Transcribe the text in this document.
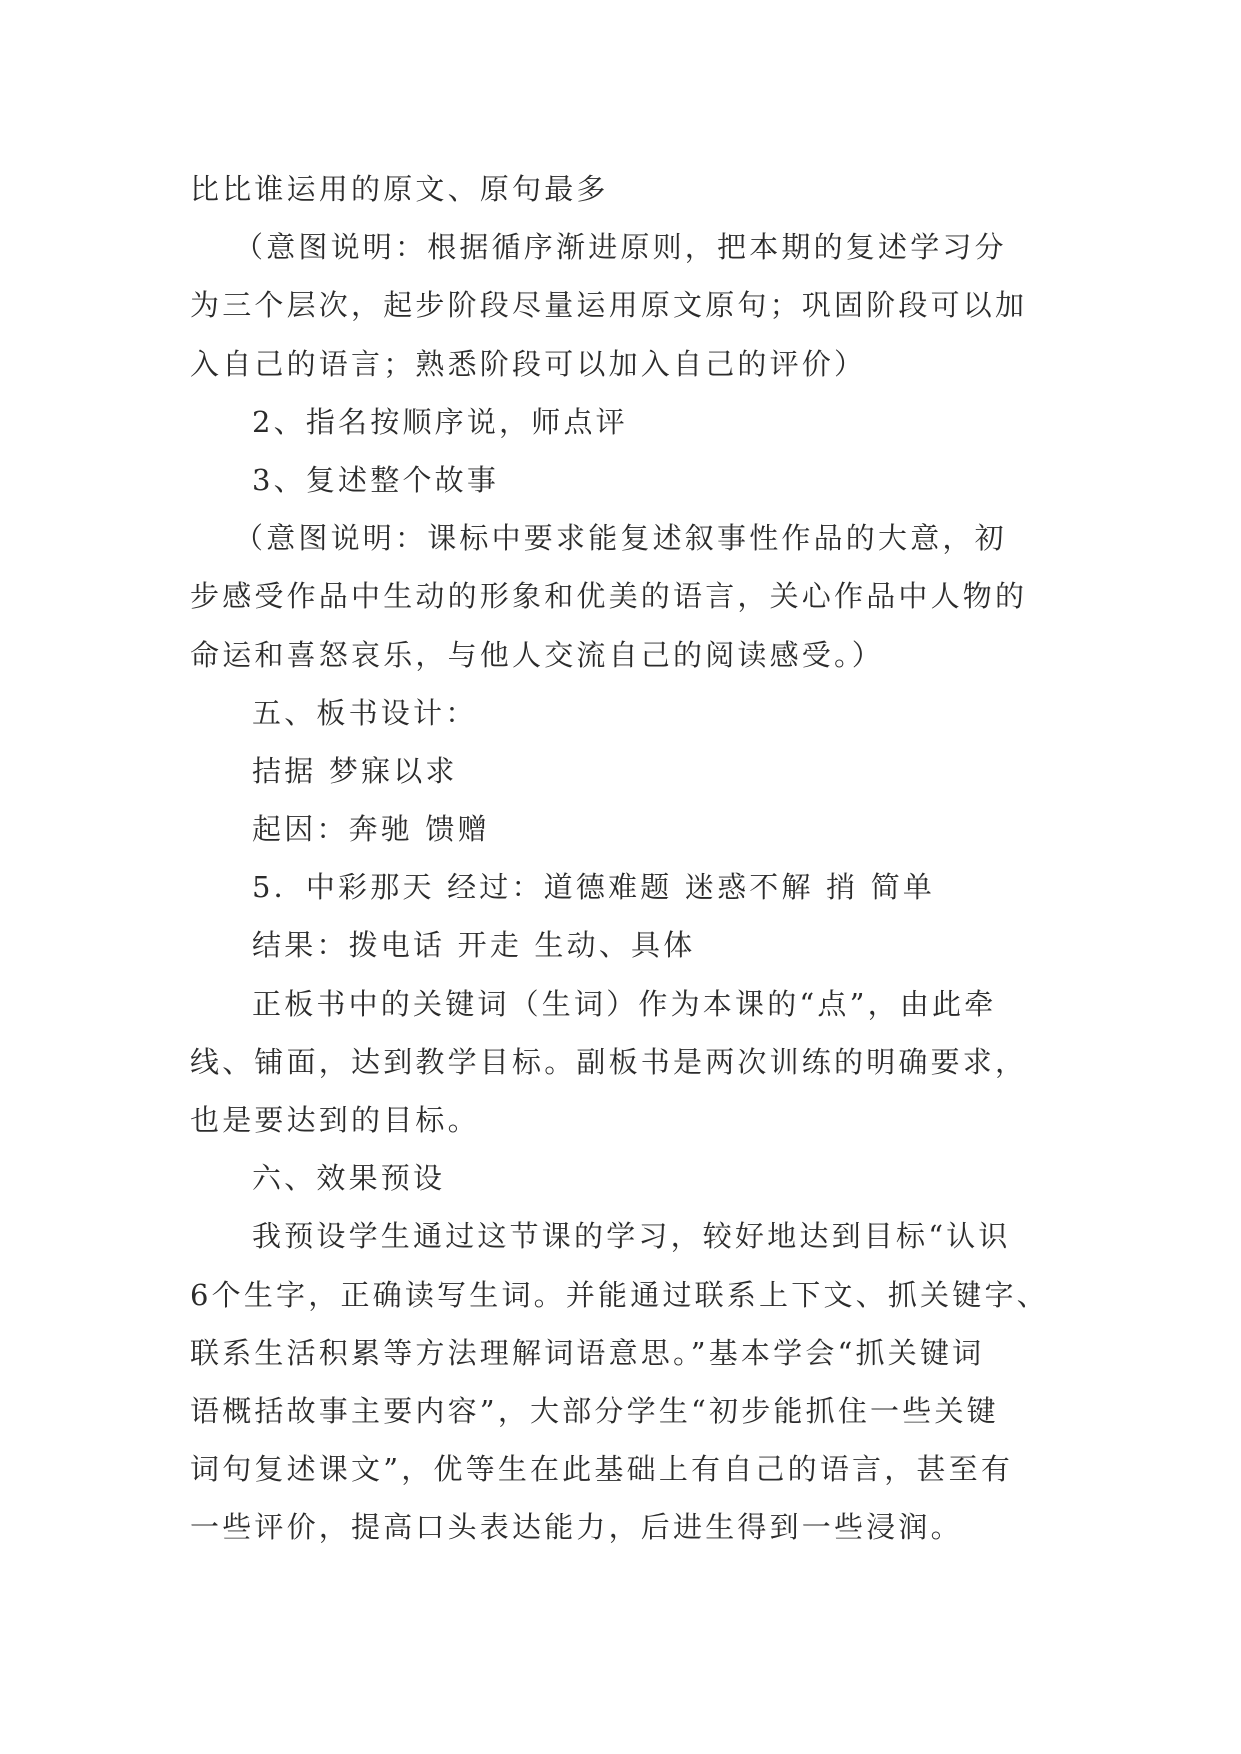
比比谁运用的原文、原句最多
（意图说明：根据循序渐进原则，把本期的复述学习分
为三个层次，起步阶段尽量运用原文原句；巩固阶段可以加
入自己的语言；熟悉阶段可以加入自己的评价）
2、指名按顺序说，师点评
3、复述整个故事
（意图说明：课标中要求能复述叙事性作品的大意，初
步感受作品中生动的形象和优美的语言，关心作品中人物的
命运和喜怒哀乐，与他人交流自己的阅读感受。）
五、板书设计：
拮据 梦寐以求
起因：奔驰 馈赠
5．中彩那天 经过：道德难题 迷惑不解 捎 简单
结果：拨电话 开走 生动、具体
正板书中的关键词（生词）作为本课的“点”，由此牵
线、铺面，达到教学目标。副板书是两次训练的明确要求，
也是要达到的目标。
六、效果预设
我预设学生通过这节课的学习，较好地达到目标“认识
6个生字，正确读写生词。并能通过联系上下文、抓关键字、
联系生活积累等方法理解词语意思。”基本学会“抓关键词
语概括故事主要内容”，大部分学生“初步能抓住一些关键
词句复述课文”，优等生在此基础上有自己的语言，甚至有
一些评价，提高口头表达能力，后进生得到一些浸润。
